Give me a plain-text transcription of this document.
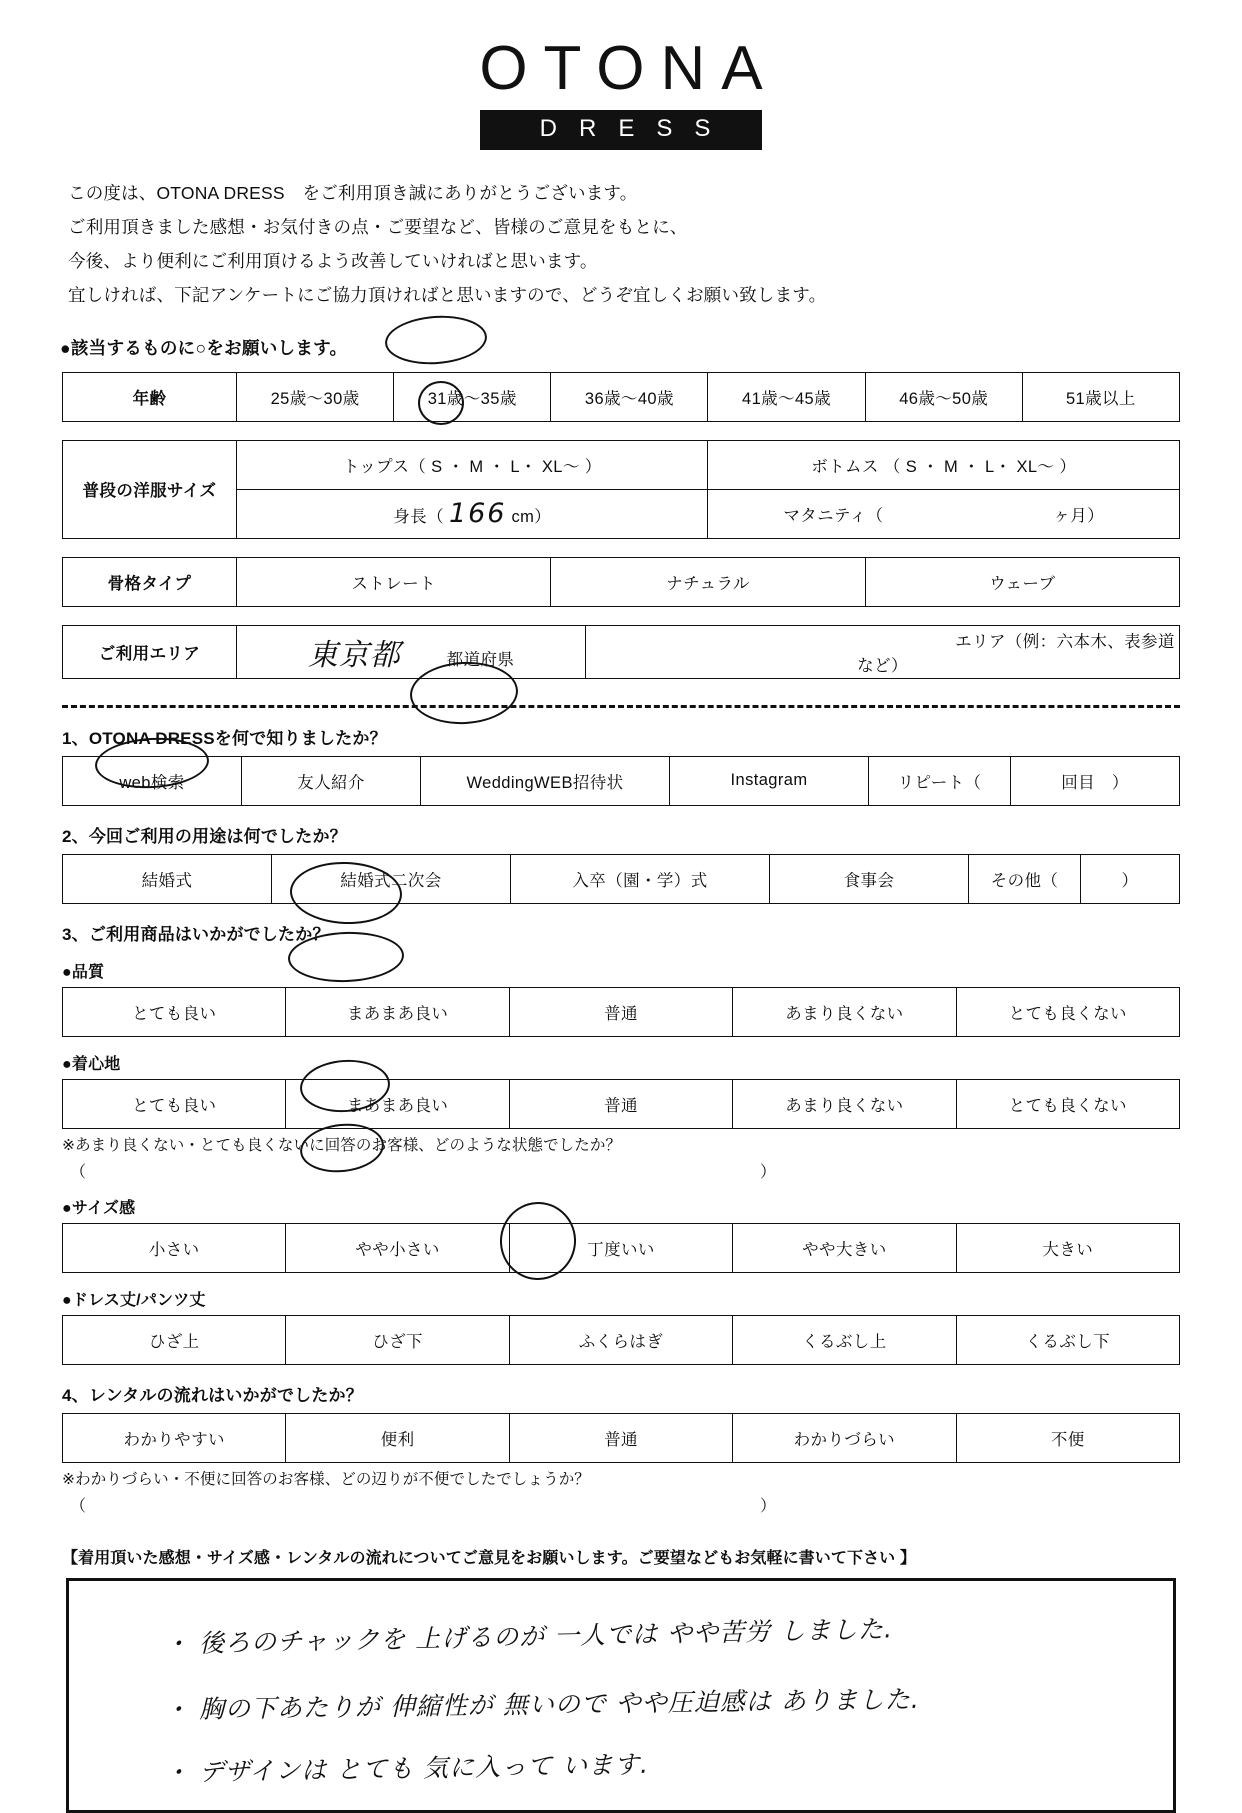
OTONA
DRESS
この度は、OTONA DRESS　をご利用頂き誠にありがとうございます。
ご利用頂きました感想・お気付きの点・ご要望など、皆様のご意見をもとに、
今後、より便利にご利用頂けるよう改善していければと思います。
宜しければ、下記アンケートにご協力頂ければと思いますので、どうぞ宜しくお願い致します。
●該当するものに○をお願いします。
年齢	25歳～30歳	31歳～35歳	36歳～40歳	41歳～45歳	46歳～50歳	51歳以上
普段の洋服サイズ	トップス（ S ・ M ・ L・ XL～ ）	ボトムス （ S ・ M ・ L・ XL～ ）
	身長（ 166 cm）	マタニティ（ ヶ月）
骨格タイプ	ストレート	ナチュラル	ウェーブ
ご利用エリア	東京都	都道府県	エリア（例：六本木、表参道など）
1、OTONA DRESSを何で知りましたか？
web検索	友人紹介	WeddingWEB招待状	Instagram	リピート（	回目　）
2、今回ご利用の用途は何でしたか？
結婚式	結婚式二次会	入卒（園・学）式	食事会	その他（	）
3、ご利用商品はいかがでしたか？
●品質
とても良い	まあまあ良い	普通	あまり良くない	とても良くない
●着心地
とても良い	まあまあ良い	普通	あまり良くない	とても良くない
※あまり良くない・とても良くないに回答のお客様、どのような状態でしたか？
（	）
●サイズ感
小さい	やや小さい	丁度いい	やや大きい	大きい
●ドレス丈/パンツ丈
ひざ上	ひざ下	ふくらはぎ	くるぶし上	くるぶし下
4、レンタルの流れはいかがでしたか？
わかりやすい	便利	普通	わかりづらい	不便
※わかりづらい・不便に回答のお客様、どの辺りが不便でしたでしょうか？
（	）
【着用頂いた感想・サイズ感・レンタルの流れについてご意見をお願いします。ご要望などもお気軽に書いて下さい 】
・ 後ろのチャックを 上げるのが 一人では やや苦労 しました.
・ 胸の下あたりが 伸縮性が 無いので やや圧迫感は ありました.
・ デザインは とても 気に入って います.
